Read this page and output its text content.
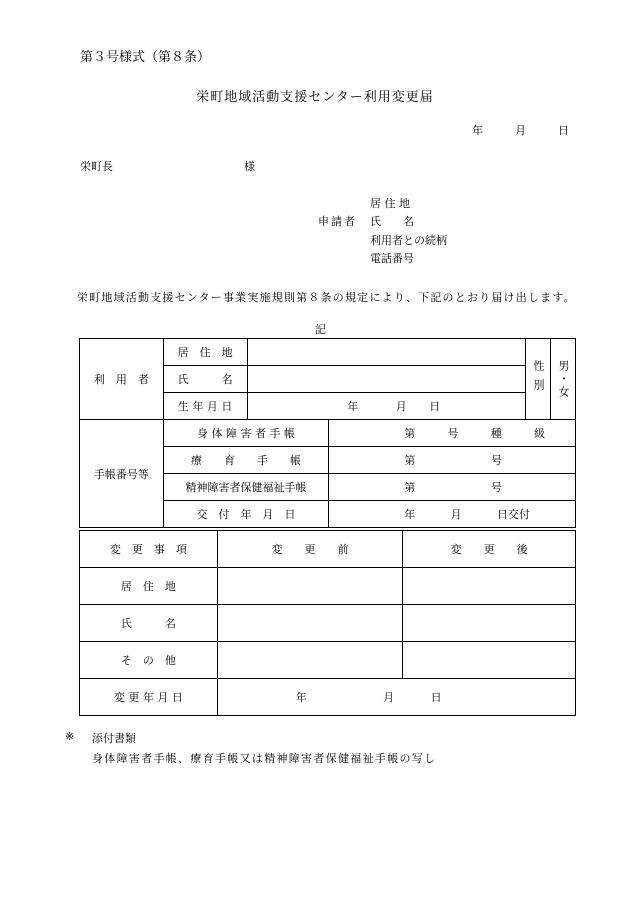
第３号様式（第８条）
栄町地域活動支援センター利用変更届
年	月	日
栄町長	様
申請者
居 住 地
氏　　名
利用者との続柄
電話番号
栄町地域活動支援センター事業実施規則第８条の規定により、下記のとおり届け出します。
記
利　用　者	居　住　地			性別	男・女
	氏　　　名				
	生 年 月 日	年 月 日			
手帳番号等	身 体 障 害 者 手 帳		第 号 種 級		

	療　　育　　手　　帳		第 号		

	精神障害者保健福祉手帳		第 号		

	交　付　年　月　日		年 月 日交付		
変　更　事　項	変　　更　　前	変　　更　　後
居　住　地		
氏　　　名		
そ　の　他		
変 更 年 月 日	年 月 日	
※ 添付書類
身体障害者手帳、療育手帳又は精神障害者保健福祉手帳の写し
